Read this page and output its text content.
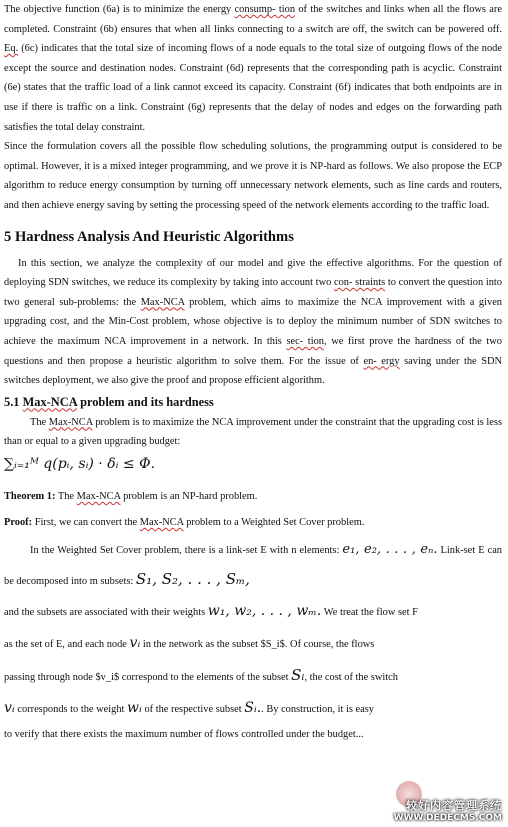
The objective function (6a) is to minimize the energy consump- tion of the switches and links when all the flows are completed. Constraint (6b) ensures that when all links connecting to a switch are off, the switch can be powered off. Eq. (6c) indicates that the total size of incoming flows of a node equals to the total size of outgoing flows of the node except the source and destination nodes. Constraint (6d) represents that the corresponding path is acyclic. Constraint (6e) states that the traffic load of a link cannot exceed its capacity. Constraint (6f) indicates that both endpoints are in use if there is traffic on a link. Constraint (6g) represents that the delay of nodes and edges on the forwarding path satisfies the total delay constraint.

Since the formulation covers all the possible flow scheduling solutions, the programming output is considered to be optimal. However, it is a mixed integer programming, and we prove it is NP-hard as follows. We also propose the ECP algorithm to reduce energy consumption by turning off unnecessary network elements, such as line cards and routers, and then achieve energy saving by setting the processing speed of the network elements according to the traffic load.

5 Hardness Analysis And Heuristic Algorithms

In this section, we analyze the complexity of our model and give the effective algorithms. For the question of deploying SDN switches, we reduce its complexity by taking into account two con- straints to convert the question into two general sub-problems: the Max-NCA problem, which aims to maximize the NCA improvement with a given upgrading cost, and the Min-Cost problem, whose objective is to deploy the minimum number of SDN switches to achieve the maximum NCA improvement in a network. In this sec- tion, we first prove the hardness of the two questions and then propose a heuristic algorithm to solve them. For the issue of en- ergy saving under the SDN switches deployment, we also give the proof and propose efficient algorithm.

5.1 Max-NCA problem and its hardness

The Max-NCA problem is to maximize the NCA improvement under the constraint that the upgrading cost is less than or equal to a given upgrading budget:

∑ᵢ₌₁ᴹ q(pᵢ, sᵢ) · δᵢ ≤ Φ.

Theorem 1: The Max-NCA problem is an NP-hard problem.

Proof: First, we can convert the Max-NCA problem to a Weighted Set Cover problem.

In the Weighted Set Cover problem, there is a link-set E with n elements: e₁, e₂, . . . , eₙ. Link-set E can be decomposed into m subsets: S₁, S₂, . . . , Sₘ,

and the subsets are associated with their weights w₁, w₂, . . . , wₘ. We treat the flow set F

as the set of E, and each node vᵢ in the network as the subset $S_i$. Of course, the flows

passing through node $v_i$ correspond to the elements of the subset Sᵢ, the cost of the switch

vᵢ corresponds to the weight wᵢ of the respective subset Sᵢ.. By construction, it is easy

to verify that there exists the maximum number of flows controlled under the budget...

较好内容管理系统
WWW.DEDECMS.COM
